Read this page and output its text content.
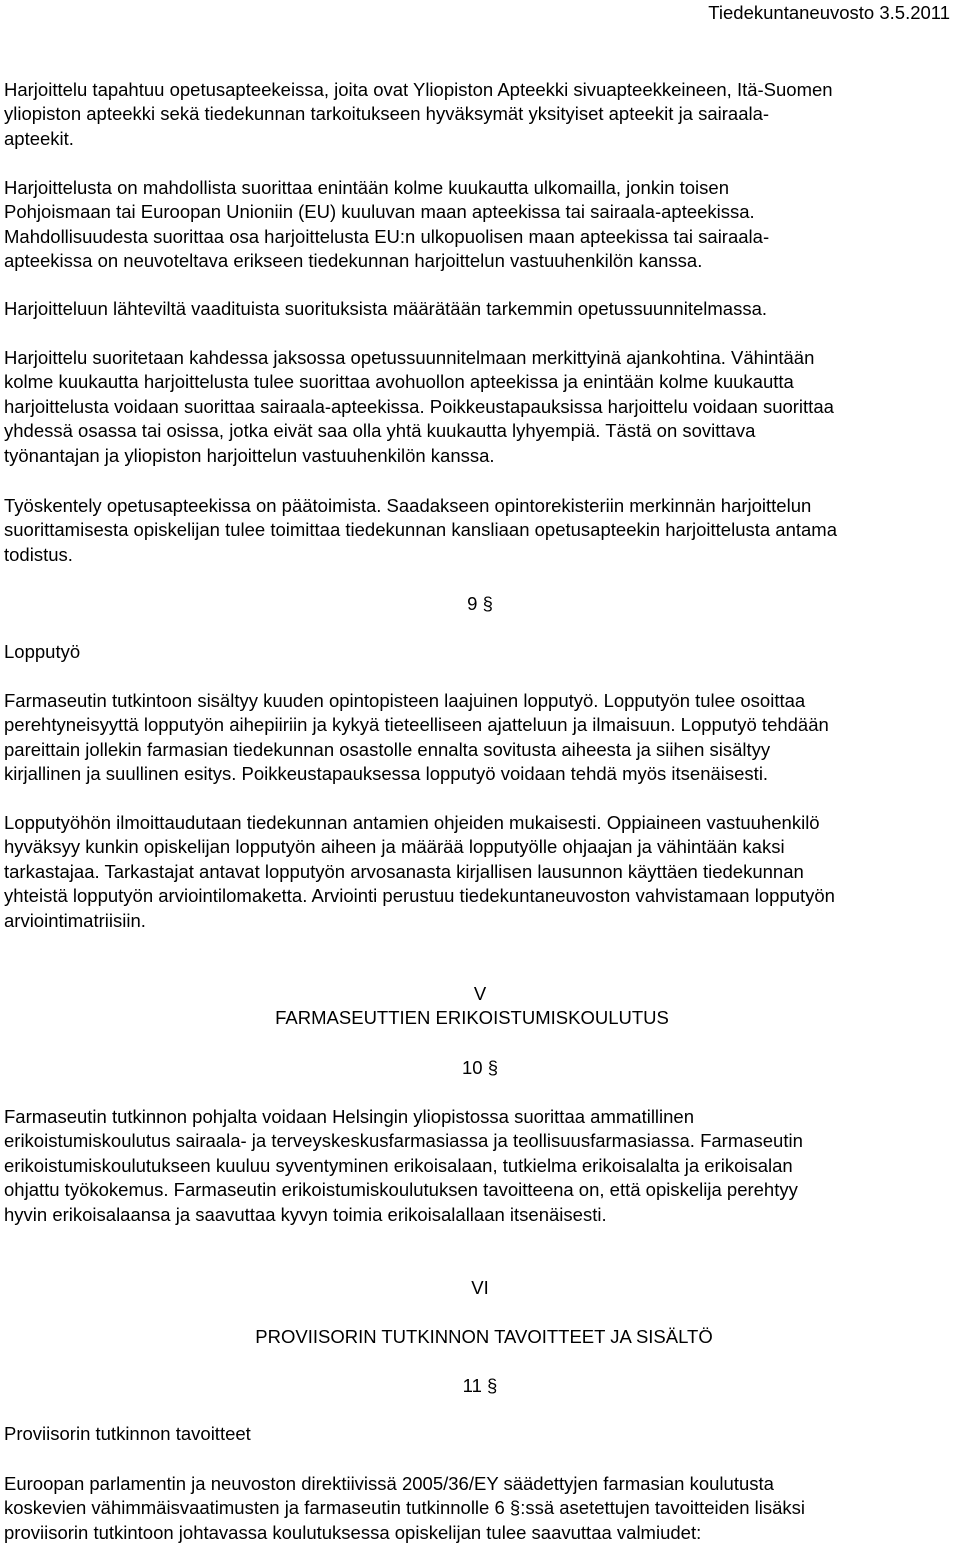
Tiedekuntaneuvosto 3.5.2011
Harjoittelu tapahtuu opetusapteekeissa, joita ovat Yliopiston Apteekki sivuapteekkeineen, Itä-Suomen
yliopiston apteekki sekä tiedekunnan tarkoitukseen hyväksymät yksityiset apteekit ja sairaala-
apteekit.
Harjoittelusta on mahdollista suorittaa enintään kolme kuukautta ulkomailla, jonkin toisen
Pohjoismaan tai Euroopan Unioniin (EU) kuuluvan maan apteekissa tai sairaala-apteekissa.
Mahdollisuudesta suorittaa osa harjoittelusta EU:n ulkopuolisen maan apteekissa tai sairaala-
apteekissa on neuvoteltava erikseen tiedekunnan harjoittelun vastuuhenkilön kanssa.
Harjoitteluun lähteviltä vaadituista suorituksista määrätään tarkemmin opetussuunnitelmassa.
Harjoittelu suoritetaan kahdessa jaksossa opetussuunnitelmaan merkittyinä ajankohtina. Vähintään
kolme kuukautta harjoittelusta tulee suorittaa avohuollon apteekissa ja enintään kolme kuukautta
harjoittelusta voidaan suorittaa sairaala-apteekissa. Poikkeustapauksissa harjoittelu voidaan suorittaa
yhdessä osassa tai osissa, jotka eivät saa olla yhtä kuukautta lyhyempiä. Tästä on sovittava
työnantajan ja yliopiston harjoittelun vastuuhenkilön kanssa.
Työskentely opetusapteekissa on päätoimista. Saadakseen opintorekisteriin merkinnän harjoittelun
suorittamisesta opiskelijan tulee toimittaa tiedekunnan kansliaan opetusapteekin harjoittelusta antama
todistus.
9 §
Lopputyö
Farmaseutin tutkintoon sisältyy kuuden opintopisteen laajuinen lopputyö. Lopputyön tulee osoittaa
perehtyneisyyttä lopputyön aihepiiriin ja kykyä tieteelliseen ajatteluun ja ilmaisuun. Lopputyö tehdään
pareittain jollekin farmasian tiedekunnan osastolle ennalta sovitusta aiheesta ja siihen sisältyy
kirjallinen ja suullinen esitys. Poikkeustapauksessa lopputyö voidaan tehdä myös itsenäisesti.
Lopputyöhön ilmoittaudutaan tiedekunnan antamien ohjeiden mukaisesti. Oppiaineen vastuuhenkilö
hyväksyy kunkin opiskelijan lopputyön aiheen ja määrää lopputyölle ohjaajan ja vähintään kaksi
tarkastajaa. Tarkastajat antavat lopputyön arvosanasta kirjallisen lausunnon käyttäen tiedekunnan
yhteistä lopputyön arviointilomaketta. Arviointi perustuu tiedekuntaneuvoston vahvistamaan lopputyön
arviointimatriisiin.
V
FARMASEUTTIEN ERIKOISTUMISKOULUTUS
10 §
Farmaseutin tutkinnon pohjalta voidaan Helsingin yliopistossa suorittaa ammatillinen
erikoistumiskoulutus sairaala- ja terveyskeskusfarmasiassa ja teollisuusfarmasiassa. Farmaseutin
erikoistumiskoulutukseen kuuluu syventyminen erikoisalaan, tutkielma erikoisalalta ja erikoisalan
ohjattu työkokemus. Farmaseutin erikoistumiskoulutuksen tavoitteena on, että opiskelija perehtyy
hyvin erikoisalaansa ja saavuttaa kyvyn toimia erikoisalallaan itsenäisesti.
VI
PROVIISORIN TUTKINNON TAVOITTEET JA SISÄLTÖ
11 §
Proviisorin tutkinnon tavoitteet
Euroopan parlamentin ja neuvoston direktiivissä 2005/36/EY säädettyjen farmasian koulutusta
koskevien vähimmäisvaatimusten ja farmaseutin tutkinnolle 6 §:ssä asetettujen tavoitteiden lisäksi
proviisorin tutkintoon johtavassa koulutuksessa opiskelijan tulee saavuttaa valmiudet:
